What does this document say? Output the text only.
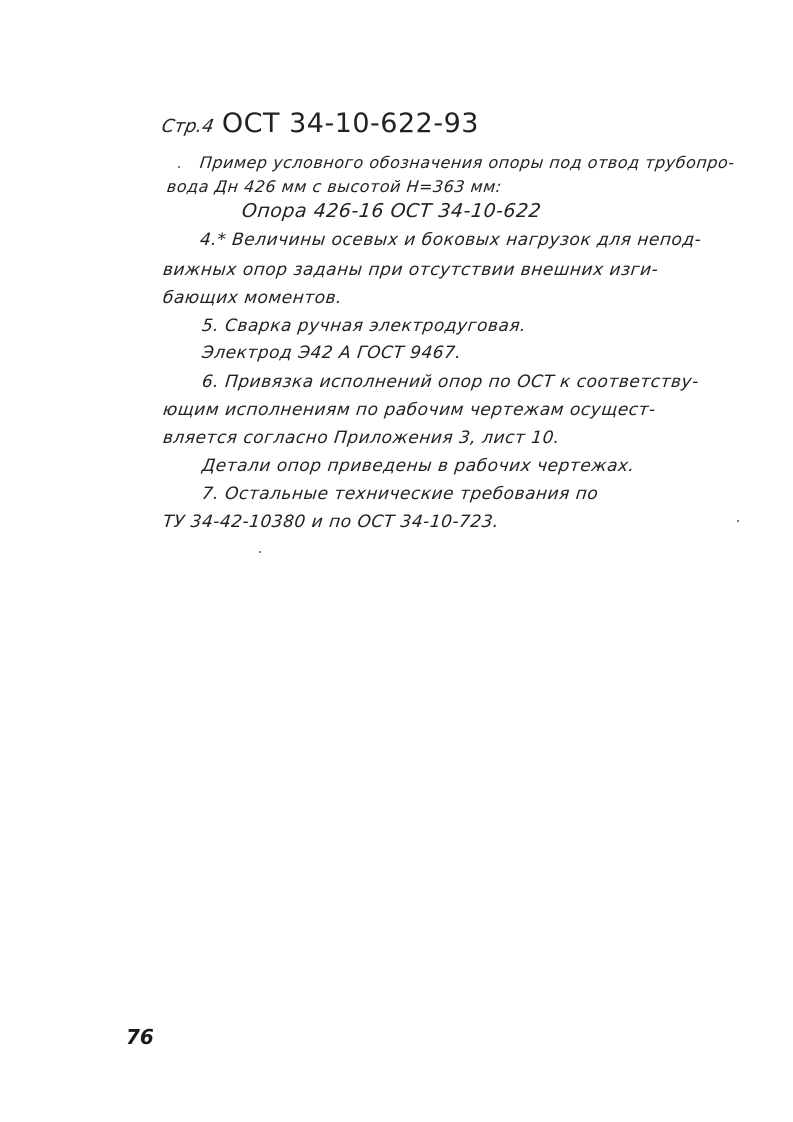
Стр.4 ОСТ 34-10-622-93
Пример условного обозначения опоры под отвод трубопро-
вода Дн 426 мм с высотой Н=363 мм:
Опора 426-16 ОСТ 34-10-622
4.* Величины осевых и боковых нагрузок для непод-
вижных опор заданы при отсутствии внешних изги-
бающих моментов.
5. Сварка ручная электродуговая.
Электрод Э42 А ГОСТ 9467.
6. Привязка исполнений опор по ОСТ к соответству-
ющим исполнениям по рабочим чертежам осущест-
вляется согласно Приложения 3, лист 10.
Детали опор приведены в рабочих чертежах.
7. Остальные технические требования по
ТУ 34-42-10380 и по ОСТ 34-10-723.
76
